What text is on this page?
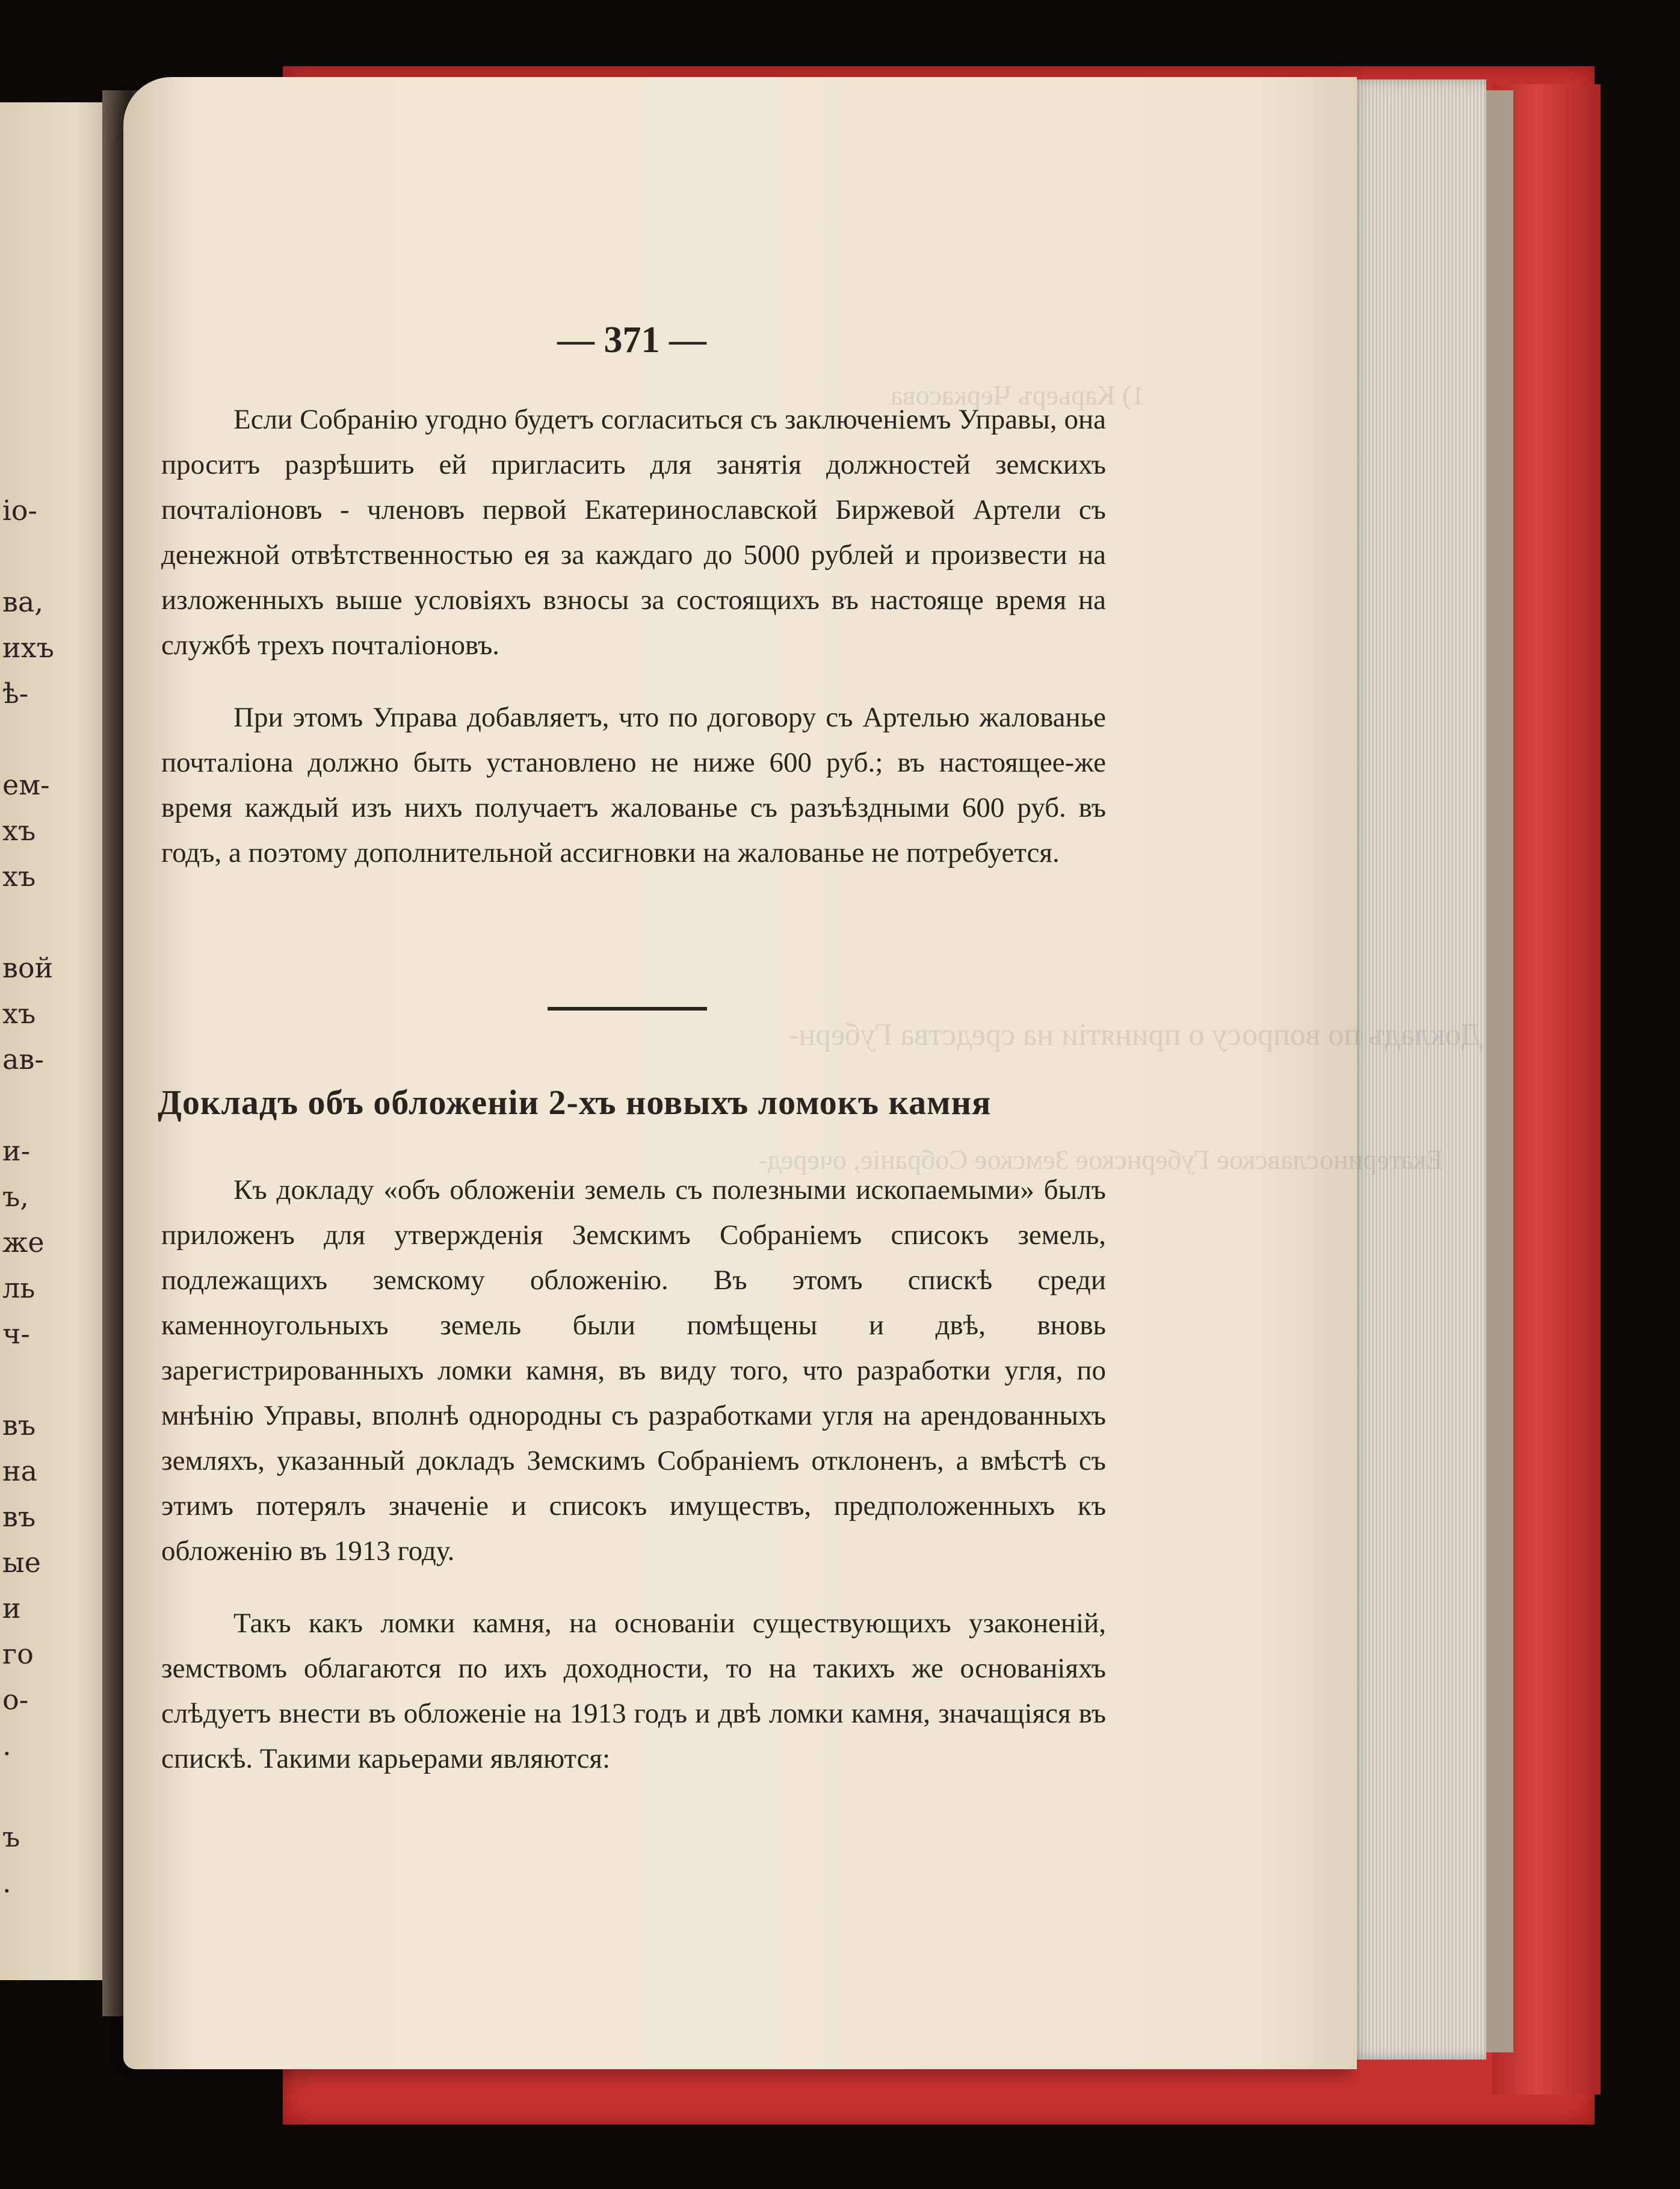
іо-

ва,
ихъ
ѣ-

ем-
хъ
хъ

вой
хъ
ав-

и-
ъ,
же
ль
ч-

въ
на
въ
ые
и
го
о-
.

ъ
.
1) Карьеръ Черкасова
Докладъ по вопросу о принятіи на средства Губерн-
Екатеринославское Губернское Земское Собраніе, очеред-
— 371 —

Если Собранію угодно будетъ согласиться съ заключеніемъ Управы, она проситъ разрѣшить ей пригласить для занятія должностей земскихъ почталіоновъ - членовъ первой Екатеринославской Биржевой Артели съ денежной отвѣтственностью ея за каждаго до 5000 рублей и произвести на изложенныхъ выше условіяхъ взносы за состоящихъ въ настояще время на службѣ трехъ почталіоновъ.

При этомъ Управа добавляетъ, что по договору съ Артелью жалованье почталіона должно быть установлено не ниже 600 руб.; въ настоящее-же время каждый изъ нихъ получаетъ жалованье съ разъѣздными 600 руб. въ годъ, а поэтому дополнительной ассигновки на жалованье не потребуется.

Докладъ объ обложеніи 2-хъ новыхъ ломокъ камня

Къ докладу «объ обложеніи земель съ полезными ископаемыми» былъ приложенъ для утвержденія Земскимъ Собраніемъ списокъ земель, подлежащихъ земскому обложенію. Въ этомъ спискѣ среди каменноугольныхъ земель были помѣщены и двѣ, вновь зарегистрированныхъ ломки камня, въ виду того, что разработки угля, по мнѣнію Управы, вполнѣ однородны съ разработками угля на арендованныхъ земляхъ, указанный докладъ Земскимъ Собраніемъ отклоненъ, а вмѣстѣ съ этимъ потерялъ значеніе и списокъ имуществъ, предположенныхъ къ обложенію въ 1913 году.

Такъ какъ ломки камня, на основаніи существующихъ узаконеній, земствомъ облагаются по ихъ доходности, то на такихъ же основаніяхъ слѣдуетъ внести въ обложеніе на 1913 годъ и двѣ ломки камня, значащіяся въ спискѣ. Такими карьерами являются:
